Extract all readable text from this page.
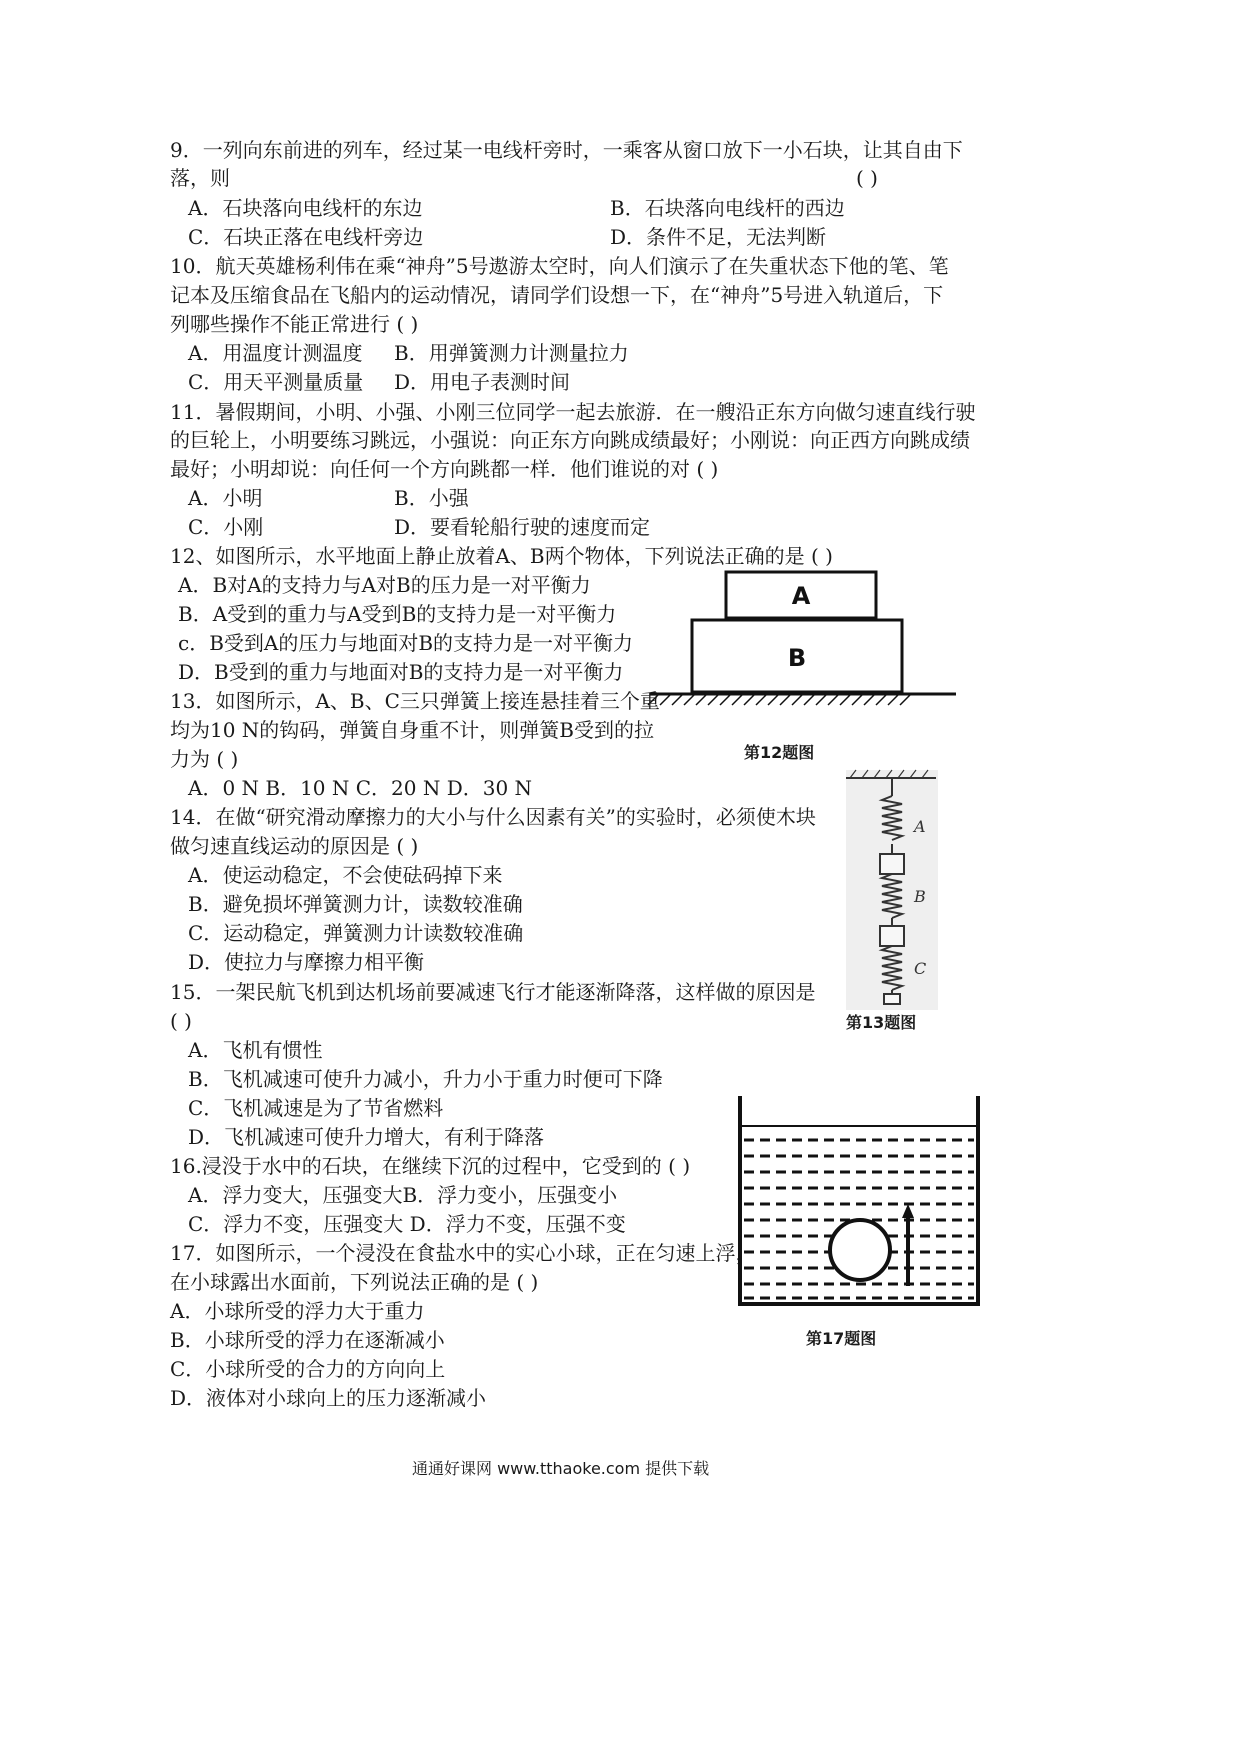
9．一列向东前进的列车，经过某一电线杆旁时，一乘客从窗口放下一小石块，让其自由下
落，则	( )
A．石块落向电线杆的东边	B．石块落向电线杆的西边
C．石块正落在电线杆旁边	D．条件不足，无法判断
10．航天英雄杨利伟在乘“神舟”5号遨游太空时，向人们演示了在失重状态下他的笔、笔
记本及压缩食品在飞船内的运动情况，请同学们设想一下，在“神舟”5号进入轨道后，下
列哪些操作不能正常进行 ( )
A．用温度计测温度 B．用弹簧测力计测量拉力
C．用天平测量质量 D．用电子表测时间
11．暑假期间，小明、小强、小刚三位同学一起去旅游．在一艘沿正东方向做匀速直线行驶
的巨轮上，小明要练习跳远，小强说：向正东方向跳成绩最好；小刚说：向正西方向跳成绩
最好；小明却说：向任何一个方向跳都一样．他们谁说的对 ( )
A．小明	B．小强
C．小刚	D．要看轮船行驶的速度而定
12、如图所示，水平地面上静止放着A、B两个物体，下列说法正确的是 ( )
A．B对A的支持力与A对B的压力是一对平衡力
B．A受到的重力与A受到B的支持力是一对平衡力
c．B受到A的压力与地面对B的支持力是一对平衡力
D．B受到的重力与地面对B的支持力是一对平衡力
A
B
第12题图
13．如图所示，A、B、C三只弹簧上接连悬挂着三个重
均为10 N的钩码，弹簧自身重不计，则弹簧B受到的拉
力为 ( )
A．0 N B．10 N C．20 N D．30 N
A
B
C
第13题图
14．在做“研究滑动摩擦力的大小与什么因素有关”的实验时，必须使木块
做匀速直线运动的原因是 ( )
A．使运动稳定，不会使砝码掉下来
B．避免损坏弹簧测力计，读数较准确
C．运动稳定，弹簧测力计读数较准确
D．使拉力与摩擦力相平衡
15．一架民航飞机到达机场前要减速飞行才能逐渐降落，这样做的原因是
( )
A．飞机有惯性
B．飞机减速可使升力减小，升力小于重力时便可下降
C．飞机减速是为了节省燃料
D．飞机减速可使升力增大，有利于降落
16.浸没于水中的石块，在继续下沉的过程中，它受到的 ( )
A．浮力变大，压强变大B．浮力变小，压强变小
C．浮力不变，压强变大 D．浮力不变，压强不变
17．如图所示，一个浸没在食盐水中的实心小球，正在匀速上浮，
在小球露出水面前，下列说法正确的是 ( )
A．小球所受的浮力大于重力
B．小球所受的浮力在逐渐减小
C．小球所受的合力的方向向上
D．液体对小球向上的压力逐渐减小
第17题图
通通好课网 www.tthaoke.com 提供下载
